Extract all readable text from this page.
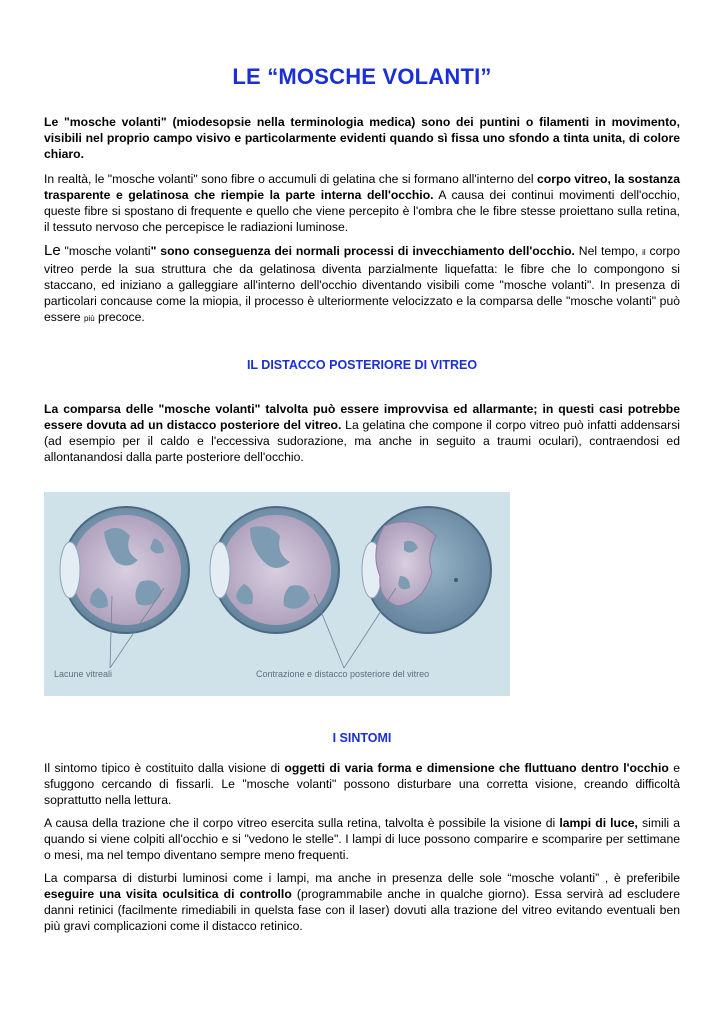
LE “MOSCHE VOLANTI”

Le "mosche volanti" (miodesopsie nella terminologia medica) sono dei puntini o filamenti in movimento, visibili nel proprio campo visivo e particolarmente evidenti quando sì fissa uno sfondo a tinta unita, di colore chiaro.

In realtà, le "mosche volanti" sono fibre o accumuli di gelatina che si formano all'interno del corpo vitreo, la sostanza trasparente e gelatinosa che riempie la parte interna dell'occhio. A causa dei continui movimenti dell'occhio, queste fibre si spostano di frequente e quello che viene percepito è l'ombra che le fibre stesse proiettano sulla retina, il tessuto nervoso che percepisce le radiazioni luminose.

Le "mosche volanti" sono conseguenza dei normali processi di invecchiamento dell'occhio. Nel tempo, il corpo vitreo perde la sua struttura che da gelatinosa diventa parzialmente liquefatta: le fibre che lo compongono si staccano, ed iniziano a galleggiare all'interno dell'occhio diventando visibili come "mosche volanti". In presenza di particolari concause come la miopia, il processo è ulteriormente velocizzato e la comparsa delle "mosche volanti" può essere più precoce.

IL DISTACCO POSTERIORE DI VITREO

La comparsa delle "mosche volanti" talvolta può essere improvvisa ed allarmante; in questi casi potrebbe essere dovuta ad un distacco posteriore del vitreo. La gelatina che compone il corpo vitreo può infatti addensarsi (ad esempio per il caldo e l'eccessiva sudorazione, ma anche in seguito a traumi oculari), contraendosi ed allontanandosi dalla parte posteriore dell'occhio.

Lacune vitreali	Contrazione e distacco posteriore del vitreo
I SINTOMI

Il sintomo tipico è costituito dalla visione di oggetti di varia forma e dimensione che fluttuano dentro l'occhio e sfuggono cercando di fissarli. Le "mosche volanti" possono disturbare una corretta visione, creando difficoltà soprattutto nella lettura.

A causa della trazione che il corpo vitreo esercita sulla retina, talvolta è possibile la visione di lampi di luce, simili a quando si viene colpiti all'occhio e si "vedono le stelle". I lampi di luce possono comparire e scomparire per settimane o mesi, ma nel tempo diventano sempre meno frequenti.

La comparsa di disturbi luminosi come i lampi, ma anche in presenza delle sole “mosche volanti” , è preferibile eseguire una visita oculsitica di controllo (programmabile anche in qualche giorno). Essa servirà ad escludere danni retinici (facilmente rimediabili in quelsta fase con il laser) dovuti alla trazione del vitreo evitando eventuali ben più gravi complicazioni come il distacco retinico.
